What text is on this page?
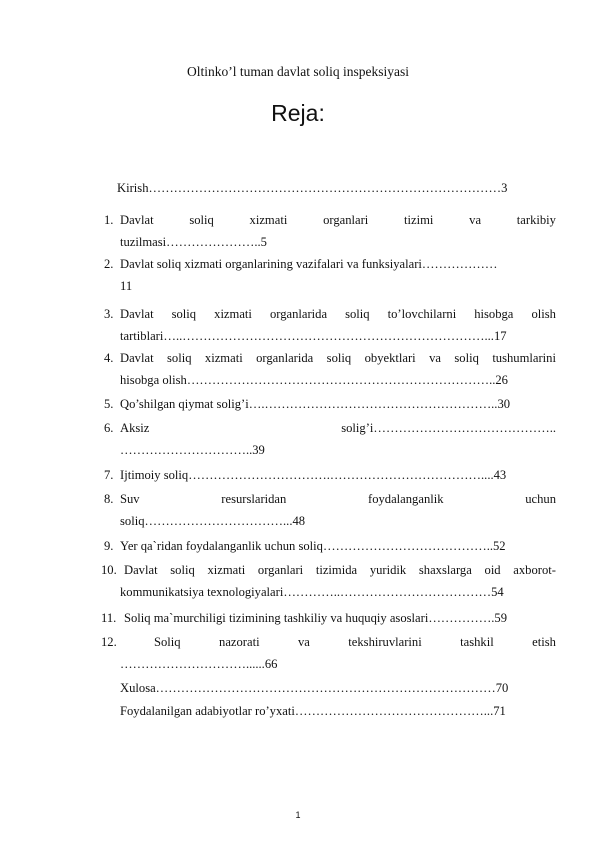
Oltinko’l tuman davlat soliq inspeksiyasi
Reja:
Kirish…………………………………………………………………………3
1. Davlat	soliq	xizmati	organlari	tizimi	va	tarkibiy
tuzilmasi…………………..5
2. Davlat soliq xizmati organlarining vazifalari va funksiyalari………………
11
3. Davlat soliq xizmati organlarida soliq to’lovchilarni hisobga olish
tartiblari…..………………………………………………………………...17
4. Davlat soliq xizmati organlarida soliq obyektlari va soliq tushumlarini
hisobga olish………………………………………………………………..26
5. Qo’shilgan qiymat solig’i….………………………………………………..30
6. Aksiz	solig’i……………………………………..
…………………………..39
7. Ijtimoiy soliq…………………………….………………………………....43
8. Suv	resurslaridan	foydalanganlik	uchun
soliq……………………………...48
9. Yer qa`ridan foydalanganlik uchun soliq…………………………………..52
10. Davlat soliq xizmati organlari tizimida yuridik shaxslarga oid axborot-
kommunikatsiya texnologiyalari…………..………………………………54
11. Soliq ma`murchiligi tizimining tashkiliy va huquqiy asoslari…………….59
12.	Soliq	nazorati	va	tekshiruvlarini	tashkil	etish
…………………………......66
Xulosa………………………………………………………………………70
Foydalanilgan adabiyotlar ro’yxati………………………………………...71
1
